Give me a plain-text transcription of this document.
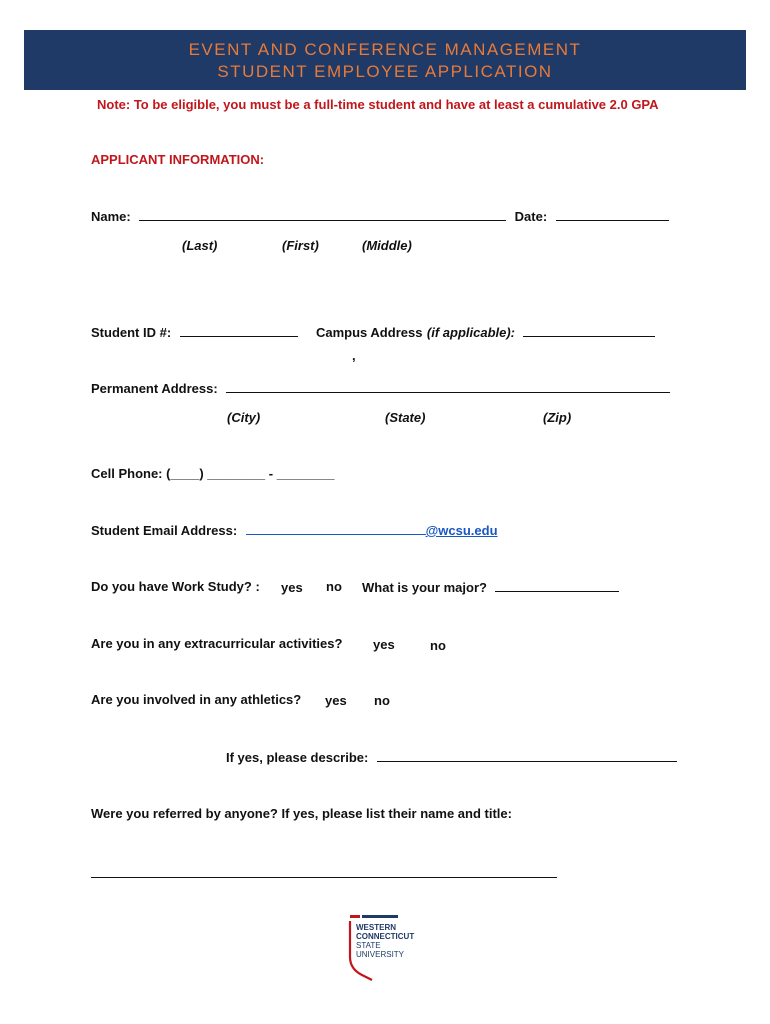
EVENT AND CONFERENCE MANAGEMENT
STUDENT EMPLOYEE APPLICATION
Note: To be eligible, you must be a full-time student and have at least a cumulative 2.0 GPA
APPLICANT INFORMATION:
Name:	Date:
(Last)	(First)	(Middle)
Student ID #:	Campus Address (if applicable):
,
Permanent Address:
(City)	(State)	(Zip)
Cell Phone: (____) ________ - ________
Student Email Address:	@wcsu.edu
Do you have Work Study? : yes no What is your major?
Are you in any extracurricular activities? yes	no
Are you involved in any athletics? yes no
If yes, please describe:
Were you referred by anyone? If yes, please list their name and title:
WESTERN
CONNECTICUT
STATE
UNIVERSITY
